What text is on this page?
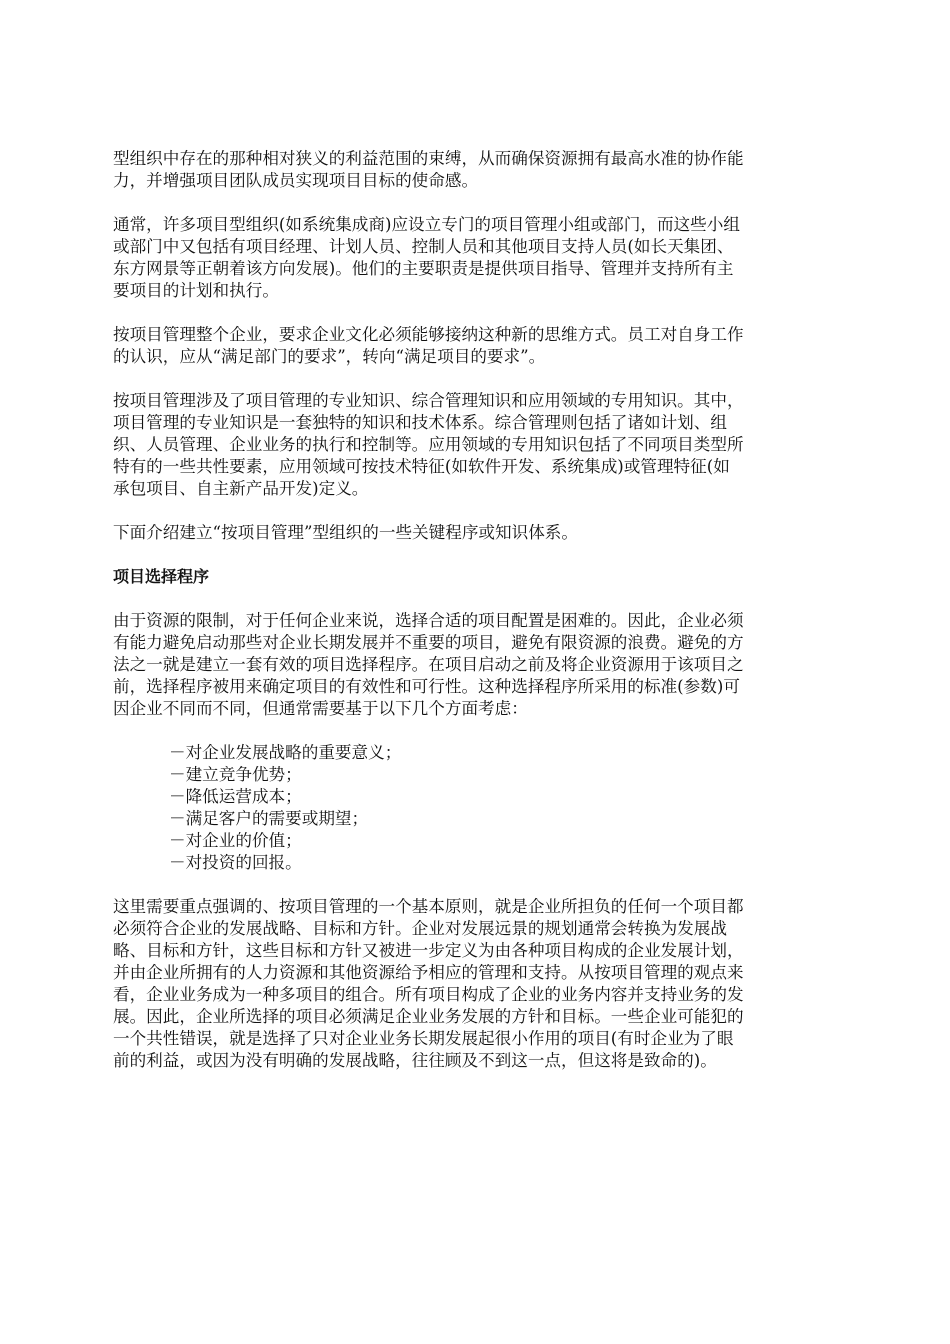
型组织中存在的那种相对狭义的利益范围的束缚，从而确保资源拥有最高水准的协作能
力，并增强项目团队成员实现项目目标的使命感。

通常，许多项目型组织(如系统集成商)应设立专门的项目管理小组或部门，而这些小组
或部门中又包括有项目经理、计划人员、控制人员和其他项目支持人员(如长天集团、
东方网景等正朝着该方向发展)。他们的主要职责是提供项目指导、管理并支持所有主
要项目的计划和执行。

按项目管理整个企业，要求企业文化必须能够接纳这种新的思维方式。员工对自身工作
的认识，应从“满足部门的要求”，转向“满足项目的要求”。

按项目管理涉及了项目管理的专业知识、综合管理知识和应用领域的专用知识。其中，
项目管理的专业知识是一套独特的知识和技术体系。综合管理则包括了诸如计划、组
织、人员管理、企业业务的执行和控制等。应用领域的专用知识包括了不同项目类型所
特有的一些共性要素，应用领域可按技术特征(如软件开发、系统集成)或管理特征(如
承包项目、自主新产品开发)定义。

下面介绍建立“按项目管理”型组织的一些关键程序或知识体系。

项目选择程序

由于资源的限制，对于任何企业来说，选择合适的项目配置是困难的。因此，企业必须
有能力避免启动那些对企业长期发展并不重要的项目，避免有限资源的浪费。避免的方
法之一就是建立一套有效的项目选择程序。在项目启动之前及将企业资源用于该项目之
前，选择程序被用来确定项目的有效性和可行性。这种选择程序所采用的标准(参数)可
因企业不同而不同，但通常需要基于以下几个方面考虑：

－对企业发展战略的重要意义；
－建立竞争优势；
－降低运营成本；
－满足客户的需要或期望；
－对企业的价值；
－对投资的回报。

这里需要重点强调的、按项目管理的一个基本原则，就是企业所担负的任何一个项目都
必须符合企业的发展战略、目标和方针。企业对发展远景的规划通常会转换为发展战
略、目标和方针，这些目标和方针又被进一步定义为由各种项目构成的企业发展计划，
并由企业所拥有的人力资源和其他资源给予相应的管理和支持。从按项目管理的观点来
看，企业业务成为一种多项目的组合。所有项目构成了企业的业务内容并支持业务的发
展。因此，企业所选择的项目必须满足企业业务发展的方针和目标。一些企业可能犯的
一个共性错误，就是选择了只对企业业务长期发展起很小作用的项目(有时企业为了眼
前的利益，或因为没有明确的发展战略，往往顾及不到这一点，但这将是致命的)。
